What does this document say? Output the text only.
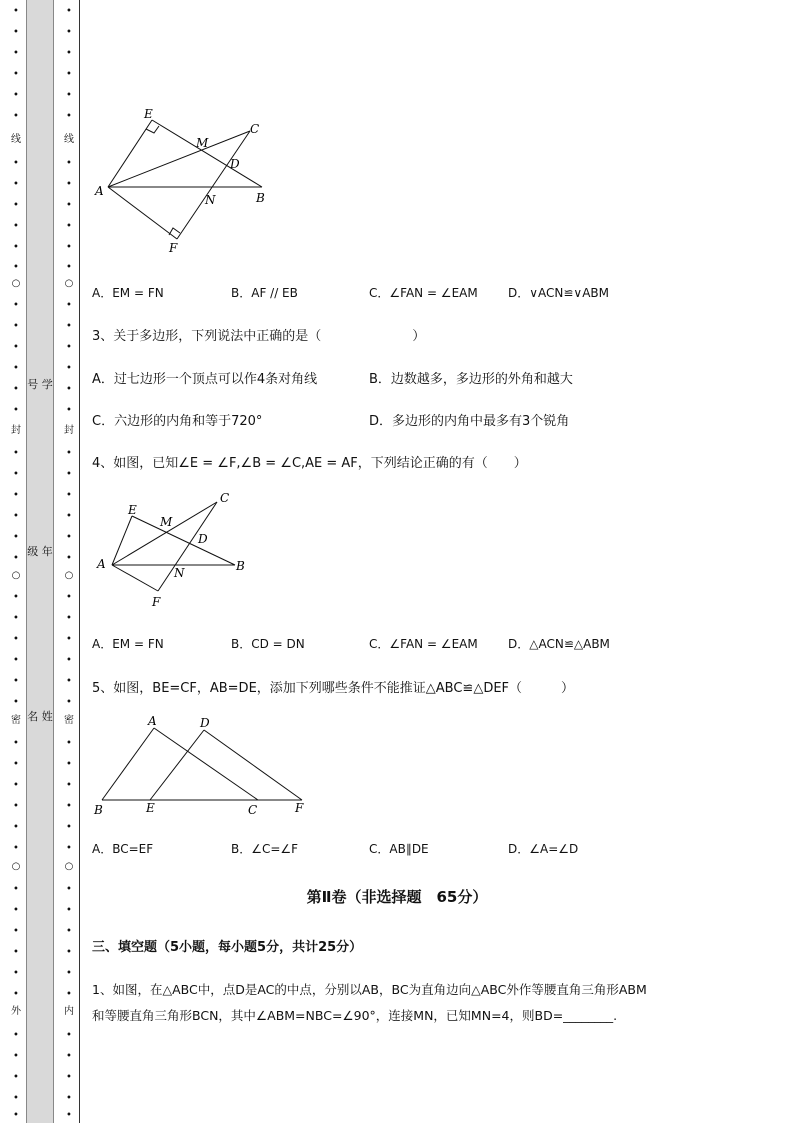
•
•
•
•
•
•
线
•
•
•
•
•
•
○
•
•
•
•
•
•
封
•
•
•
•
•
•
○
•
•
•
•
•
•
密
•
•
•
•
•
•
○
•
•
•
•
•
•
外
•
•
•
•
•
号 学
级 年
名 姓
•
•
•
•
•
•
线
•
•
•
•
•
•
○
•
•
•
•
•
•
封
•
•
•
•
•
•
○
•
•
•
•
•
•
密
•
•
•
•
•
•
○
•
•
•
•
•
•
内
•
•
•
•
•
E
M
C
D
A
N	B
F
A．EM = FN	B．AF // EB	C．∠FAN = ∠EAM	D．∨ACN≌∨ABM
3、关于多边形，下列说法中正确的是（　　　　　　　）
A．过七边形一个顶点可以作4条对角线	B．边数越多，多边形的外角和越大
C．六边形的内角和等于720°	D．多边形的内角中最多有3个锐角
4、如图，已知∠E = ∠F,∠B = ∠C,AE = AF，下列结论正确的有（　　）
C
E
M
D
A
N	B
F
A．EM = FN	B．CD = DN	C．∠FAN = ∠EAM	D．△ACN≌△ABM
5、如图，BE=CF，AB=DE，添加下列哪些条件不能推证△ABC≌△DEF（　　　）
A	D
B	E	C	F
A．BC=EF	B．∠C=∠F	C．AB∥DE	D．∠A=∠D
第Ⅱ卷（非选择题　65分）
三、填空题（5小题，每小题5分，共计25分）
1、如图，在△ABC中，点D是AC的中点，分别以AB，BC为直角边向△ABC外作等腰直角三角形ABM
和等腰直角三角形BCN，其中∠ABM=NBC=∠90°，连接MN，已知MN=4，则BD=________.
